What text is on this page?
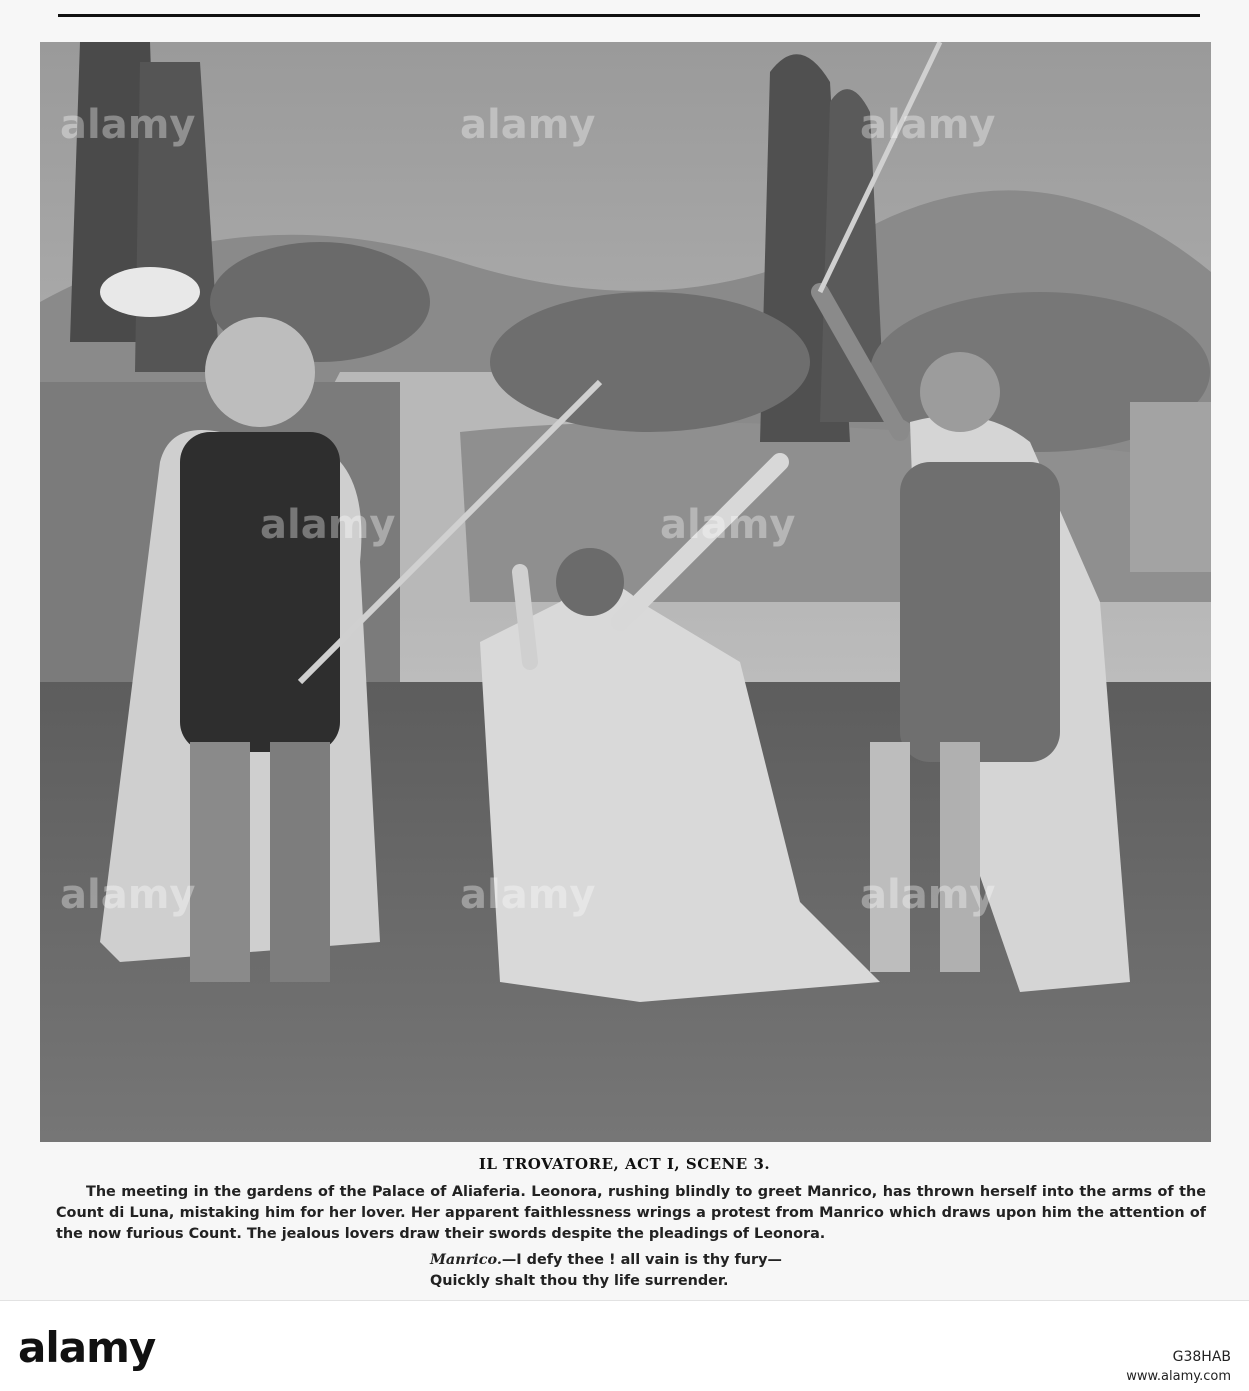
alamy	alamy	alamy
alamy	alamy
alamy	alamy	alamy
IL TROVATORE, ACT I, SCENE 3.
The meeting in the gardens of the Palace of Aliaferia. Leonora, rushing blindly to greet Manrico, has thrown herself into the arms of the Count di Luna, mistaking him for her lover. Her apparent faithlessness wrings a protest from Manrico which draws upon him the attention of the now furious Count. The jealous lovers draw their swords despite the pleadings of Leonora.
Manrico.—I defy thee ! all vain is thy fury—
Quickly shalt thou thy life surrender.
alamy	G38HAB
www.alamy.com
